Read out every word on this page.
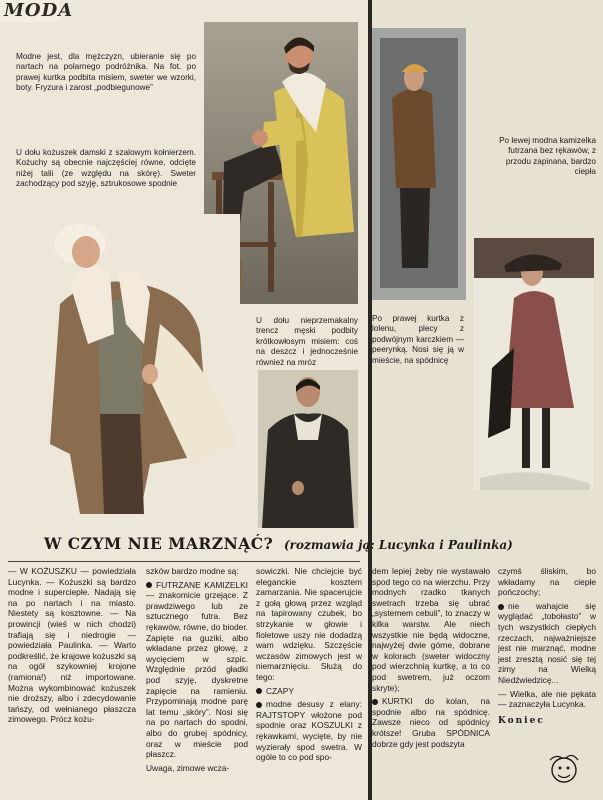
MODA

Modne jest, dla mężczyzn, ubieranie się po nartach na polarnego podróżnika. Na fot. po prawej kurtka podbita misiem, sweter we wzorki, boty. Fryzura i zarost „podbiegunowe”

U dołu kożuszek damski z szalowym kołnierzem. Kożuchy są obecnie najczęściej równe, odcięte niżej talii (ze względu na skórę). Sweter zachodzący pod szyję, sztrukosowe spodnie

U dołu nieprzemakalny trencz męski podbity krótkowłosym misiem: coś na deszcz i jednocześnie również na mróz

W CZYM NIE MARZNĄĆ?

— W KOŻUSZKU — powiedziała Lucynka. — Kożuszki są bardzo modne i superciepłe. Nadają się na po nartach i na miasto. Niestety są kosztowne. — Na prowincji (wieś w nich chodzi) trafiają się i niedrogie — powiedziała Paulinka. — Warto podkreślić, że krajowe kożuszki są na ogół szykowniej krojone (ramiona!) niż importowane. Można wykombinować kożuszek nie droższy, albo i zdecydowanie tańszy, od wełnianego płaszcza zimowego. Prócz kożu-

szków bardzo modne są:

FUTRZANE KAMIZELKI — znakomicie grzejące. Z prawdziwego lub ze sztucznego futra. Bez rękawów, równe, do bioder. Zapięte na guziki, albo wkładane przez głowę, z wycięciem w szpic. Względnie przód gładki pod szyję, dyskretne zapięcie na ramieniu. Przypominają modne parę lat temu „skóry”. Nosi się na po nartach do spodni, albo do grubej spódnicy, oraz w mieście pod płaszcz.

Uwaga, zimowe wcza-

sowiczki. Nie chciejcie być eleganckie kosztem zamarzania. Nie spacerujcie z gołą głową przez wzgląd na tapirowany czubek, bo strzykanie w głowie i fioletowe uszy nie dodadzą wam wdzięku. Szczęście wczasów zimowych jest w niemarznięciu. Służą do tego:

CZAPY

modne desusy z elany: RAJTSTOPY włożone pod spodnie oraz KOSZULKI z rękawkami, wycięte, by nie wyzierały spod swetra. W ogóle to co pod spo-

Po lewej modna kamizelka futrzana bez rękawów, z przodu zapinana, bardzo ciepła

Po prawej kurtka z lolenu, plecy z podwójnym karczkiem — peerynką. Nosi się ją w mieście, na spódnicę

dem lepiej żeby nie wystawało spod tego co na wierzchu. Przy modnych rzadko tkanych swetrach trzeba się ubrać „systemem cebuli”, to znaczy w kilka warstw. Ale niech wszystkie nie będą widoczne, najwyżej dwie górne, dobrane w kolorach (sweter widoczny pod wierzchnią kurtkę, a to co pod swetrem, już oczom skryte);

KURTKI do kolan, na spodnie albo na spódnicę. Zawsze nieco od spódnicy krótsze! Gruba SPÓDNICA dobrze gdy jest podszyta

czymś śliskim, bo wkładamy na ciepłe pończochy;

nie wahajcie się wyglądać „tobołasto” w tych wszystkich ciepłych rzeczach, najważniejsze jest nie marznąć, modne jest zresztą nosić się tej zimy na Wielką Niedźwiedzicę...

— Wielka, ale nie pękata — zaznaczyła Lucynka.

Koniec

(rozmawia ją: Lucynka i Paulinka)
